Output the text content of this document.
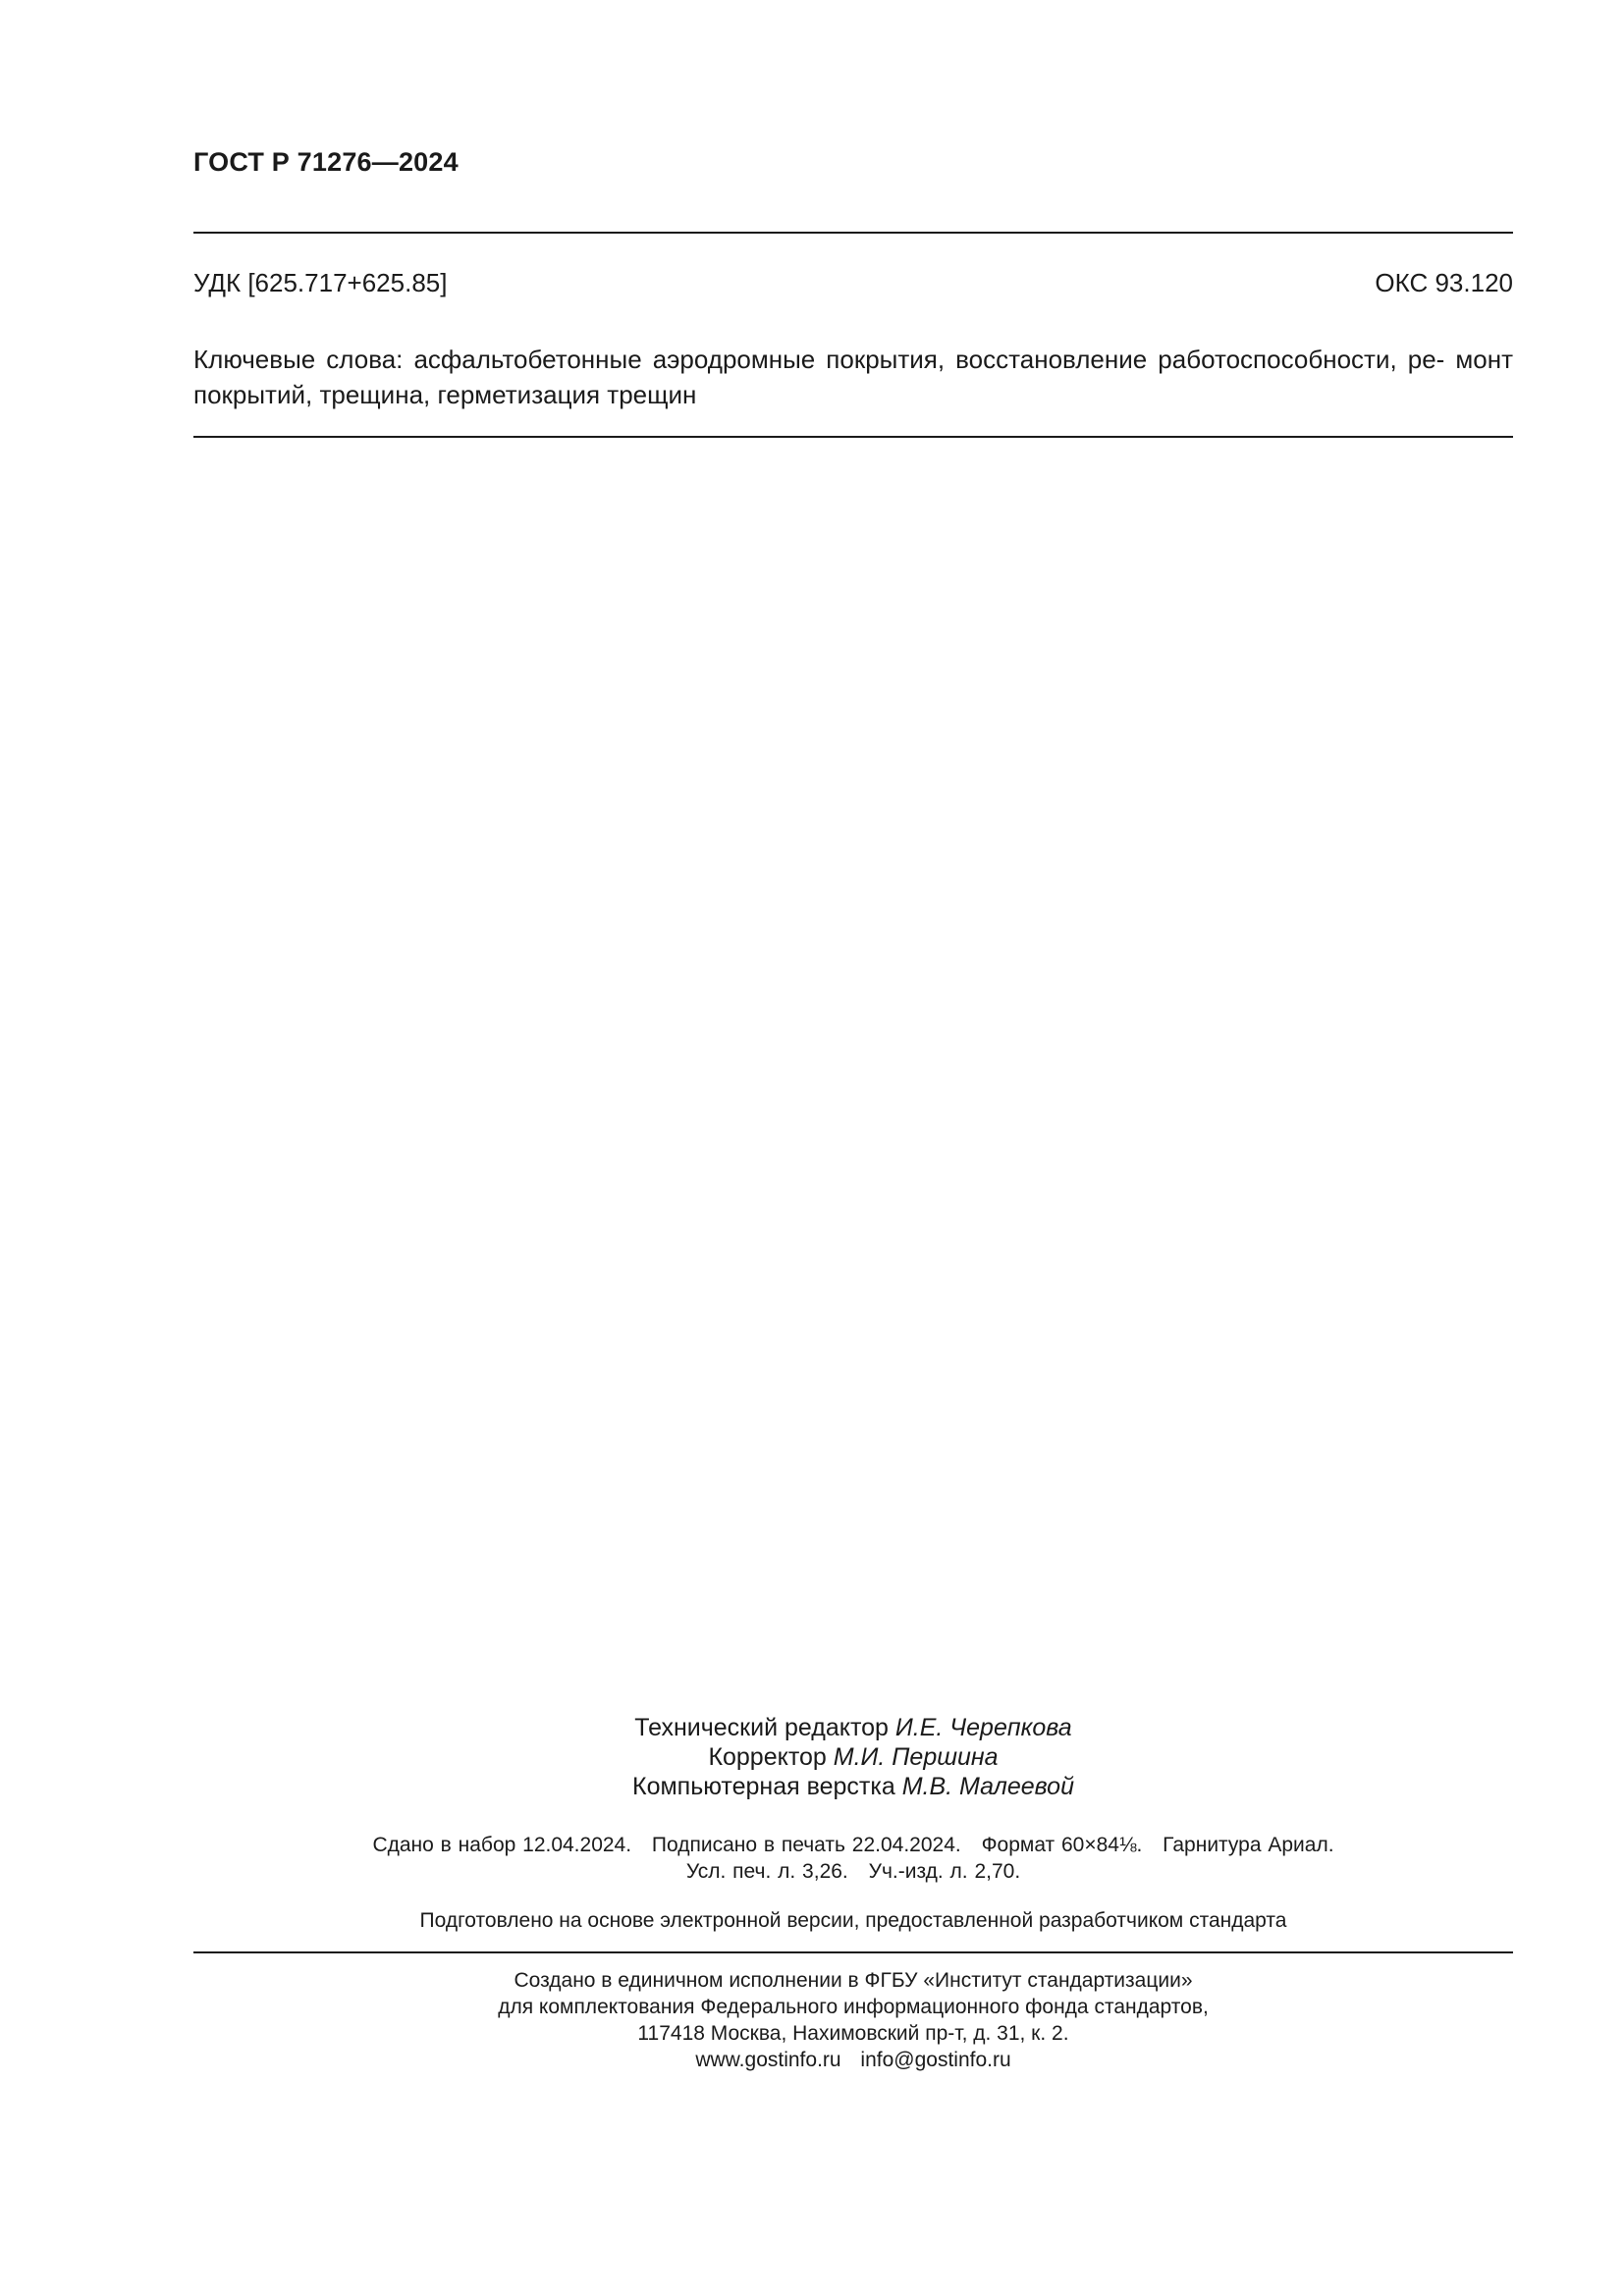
ГОСТ Р 71276—2024
УДК [625.717+625.85]	ОКС 93.120
Ключевые слова: асфальтобетонные аэродромные покрытия, восстановление работоспособности, ре- монт покрытий, трещина, герметизация трещин
Технический редактор И.Е. Черепкова
Корректор М.И. Першина
Компьютерная верстка М.В. Малеевой
Сдано в набор 12.04.2024. Подписано в печать 22.04.2024. Формат 60×84⅛. Гарнитура Ариал.
Усл. печ. л. 3,26. Уч.-изд. л. 2,70.
Подготовлено на основе электронной версии, предоставленной разработчиком стандарта
Создано в единичном исполнении в ФГБУ «Институт стандартизации»
для комплектования Федерального информационного фонда стандартов,
117418 Москва, Нахимовский пр-т, д. 31, к. 2.
www.gostinfo.ru info@gostinfo.ru
